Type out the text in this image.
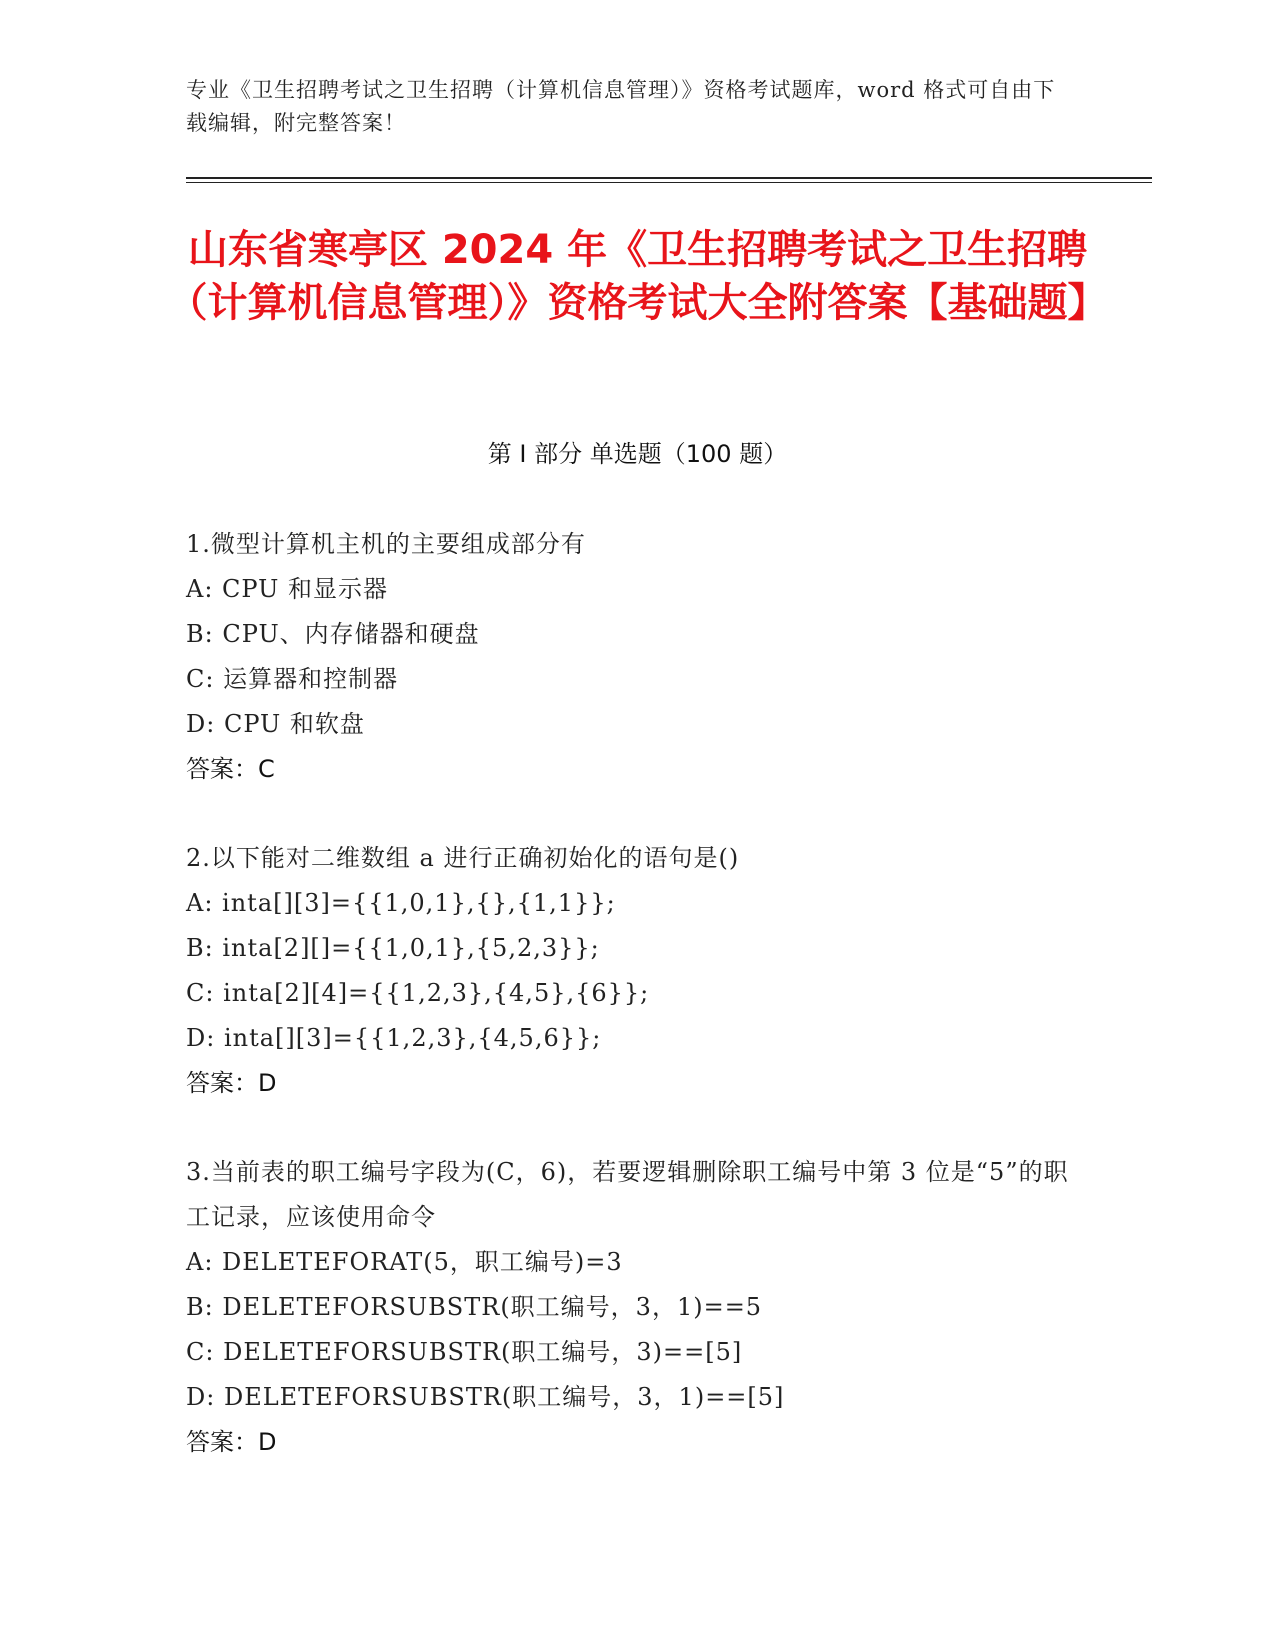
专业《卫生招聘考试之卫生招聘（计算机信息管理）》资格考试题库，word 格式可自由下载编辑，附完整答案！
山东省寒亭区 2024 年《卫生招聘考试之卫生招聘（计算机信息管理）》资格考试大全附答案【基础题】
第 I 部分 单选题（100 题）
1.微型计算机主机的主要组成部分有
A: CPU 和显示器
B: CPU、内存储器和硬盘
C: 运算器和控制器
D: CPU 和软盘
答案：C
2.以下能对二维数组 a 进行正确初始化的语句是()
A: inta[][3]={{1,0,1},{},{1,1}};
B: inta[2][]={{1,0,1},{5,2,3}};
C: inta[2][4]={{1,2,3},{4,5},{6}};
D: inta[][3]={{1,2,3},{4,5,6}};
答案：D
3.当前表的职工编号字段为(C，6)，若要逻辑删除职工编号中第 3 位是“5”的职工记录，应该使用命令
A: DELETEFORAT(5，职工编号)=3
B: DELETEFORSUBSTR(职工编号，3，1)==5
C: DELETEFORSUBSTR(职工编号，3)==[5]
D: DELETEFORSUBSTR(职工编号，3，1)==[5]
答案：D
